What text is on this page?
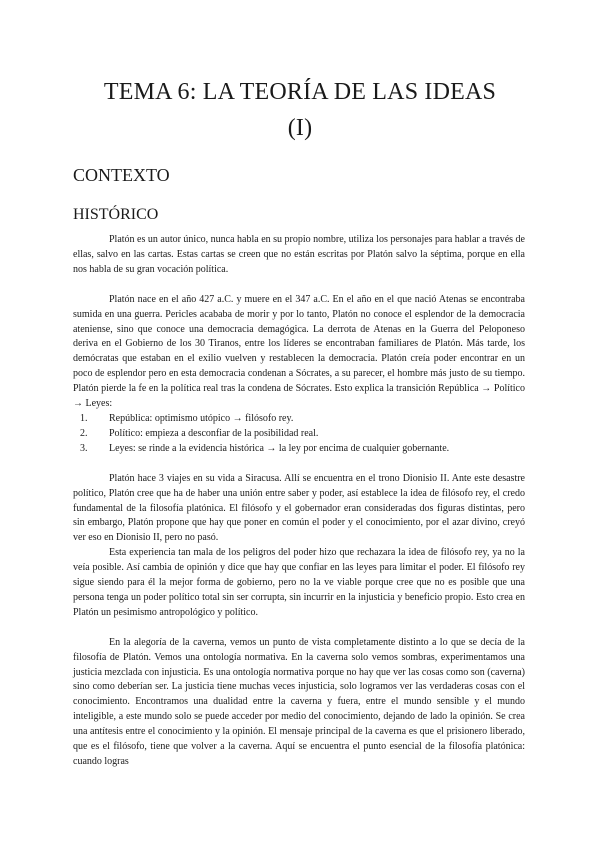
TEMA 6: LA TEORÍA DE LAS IDEAS
(I)
CONTEXTO
HISTÓRICO

Platón es un autor único, nunca habla en su propio nombre, utiliza los personajes para hablar a través de ellas, salvo en las cartas. Estas cartas se creen que no están escritas por Platón salvo la séptima, porque en ella nos habla de su gran vocación política.

Platón nace en el año 427 a.C. y muere en el 347 a.C. En el año en el que nació Atenas se encontraba sumida en una guerra. Pericles acababa de morir y por lo tanto, Platón no conoce el esplendor de la democracia ateniense, sino que conoce una democracia demagógica. La derrota de Atenas en la Guerra del Peloponeso deriva en el Gobierno de los 30 Tiranos, entre los líderes se encontraban familiares de Platón. Más tarde, los demócratas que estaban en el exilio vuelven y restablecen la democracia. Platón creía poder encontrar en un poco de esplendor pero en esta democracia condenan a Sócrates, a su parecer, el hombre más justo de su tiempo. Platón pierde la fe en la política real tras la condena de Sócrates. Esto explica la transición República → Político → Leyes:

1. República: optimismo utópico → filósofo rey.
2. Político: empieza a desconfiar de la posibilidad real.
3. Leyes: se rinde a la evidencia histórica → la ley por encima de cualquier gobernante.

Platón hace 3 viajes en su vida a Siracusa. Allí se encuentra en el trono Dionisio II. Ante este desastre político, Platón cree que ha de haber una unión entre saber y poder, así establece la idea de filósofo rey, el credo fundamental de la filosofía platónica. El filósofo y el gobernador eran consideradas dos figuras distintas, pero sin embargo, Platón propone que hay que poner en común el poder y el conocimiento, por el azar divino, creyó ver eso en Dionisio II, pero no pasó.

Esta experiencia tan mala de los peligros del poder hizo que rechazara la idea de filósofo rey, ya no la veía posible. Así cambia de opinión y dice que hay que confiar en las leyes para limitar el poder. El filósofo rey sigue siendo para él la mejor forma de gobierno, pero no la ve viable porque cree que no es posible que una persona tenga un poder político total sin ser corrupta, sin incurrir en la injusticia y beneficio propio. Esto crea en Platón un pesimismo antropológico y político.

En la alegoría de la caverna, vemos un punto de vista completamente distinto a lo que se decía de la filosofía de Platón. Vemos una ontología normativa. En la caverna solo vemos sombras, experimentamos una justicia mezclada con injusticia. Es una ontología normativa porque no hay que ver las cosas como son (caverna) sino como deberían ser. La justicia tiene muchas veces injusticia, solo logramos ver las verdaderas cosas con el conocimiento. Encontramos una dualidad entre la caverna y fuera, entre el mundo sensible y el mundo inteligible, a este mundo solo se puede acceder por medio del conocimiento, dejando de lado la opinión. Se crea una antítesis entre el conocimiento y la opinión. El mensaje principal de la caverna es que el prisionero liberado, que es el filósofo, tiene que volver a la caverna. Aquí se encuentra el punto esencial de la filosofía platónica: cuando logras
